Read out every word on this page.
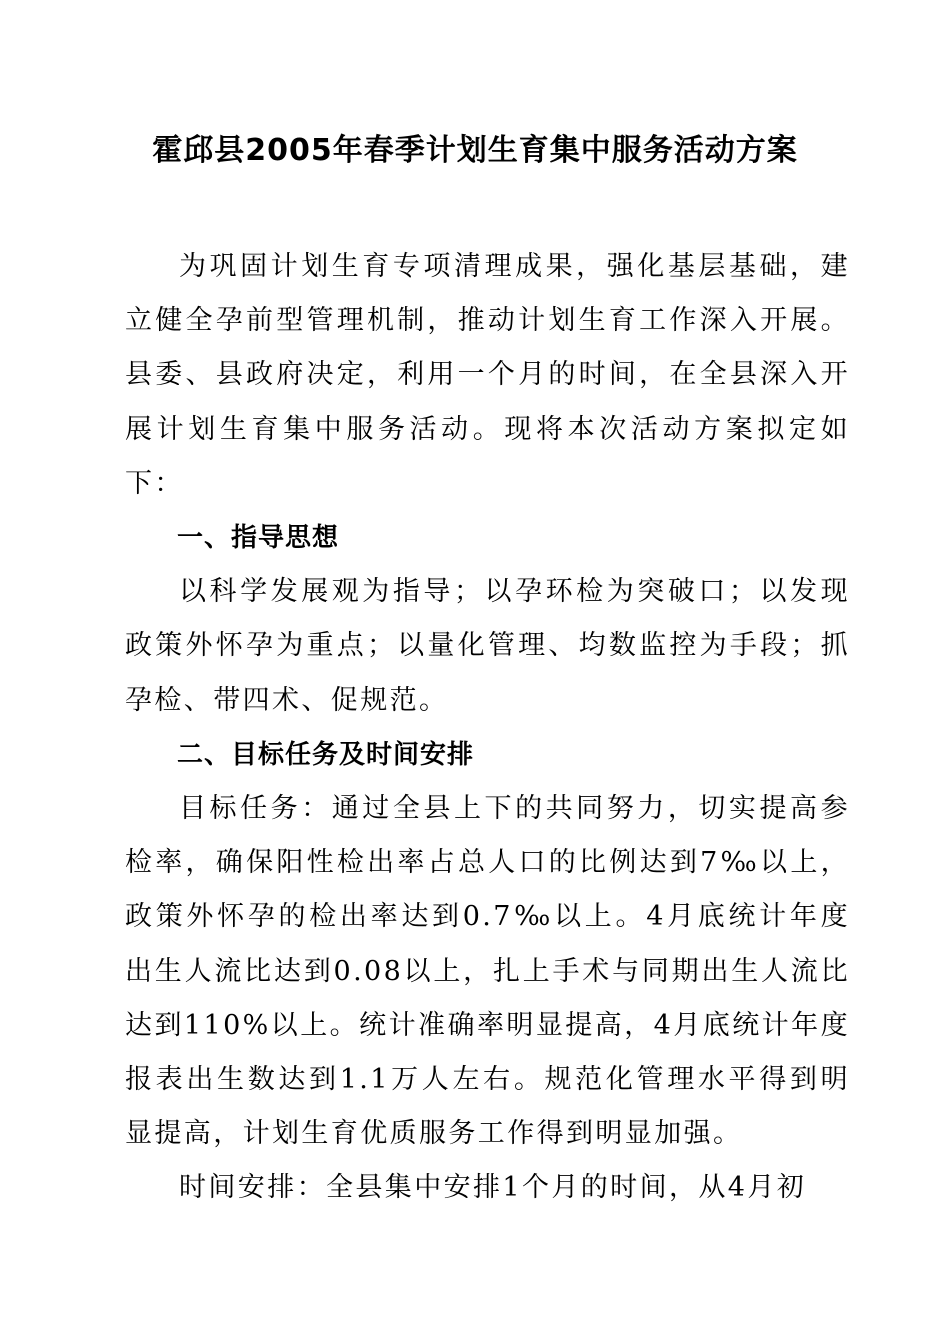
霍邱县2005年春季计划生育集中服务活动方案

为巩固计划生育专项清理成果，强化基层基础，建立健全孕前型管理机制，推动计划生育工作深入开展。县委、县政府决定，利用一个月的时间，在全县深入开展计划生育集中服务活动。现将本次活动方案拟定如下：

一、指导思想

以科学发展观为指导；以孕环检为突破口；以发现政策外怀孕为重点；以量化管理、均数监控为手段；抓孕检、带四术、促规范。

二、目标任务及时间安排

目标任务：通过全县上下的共同努力，切实提高参检率，确保阳性检出率占总人口的比例达到7‰以上，政策外怀孕的检出率达到0.7‰以上。4月底统计年度出生人流比达到0.08以上，扎上手术与同期出生人流比达到110%以上。统计准确率明显提高，4月底统计年度报表出生数达到1.1万人左右。规范化管理水平得到明显提高，计划生育优质服务工作得到明显加强。

时间安排：全县集中安排1个月的时间，从4月初
